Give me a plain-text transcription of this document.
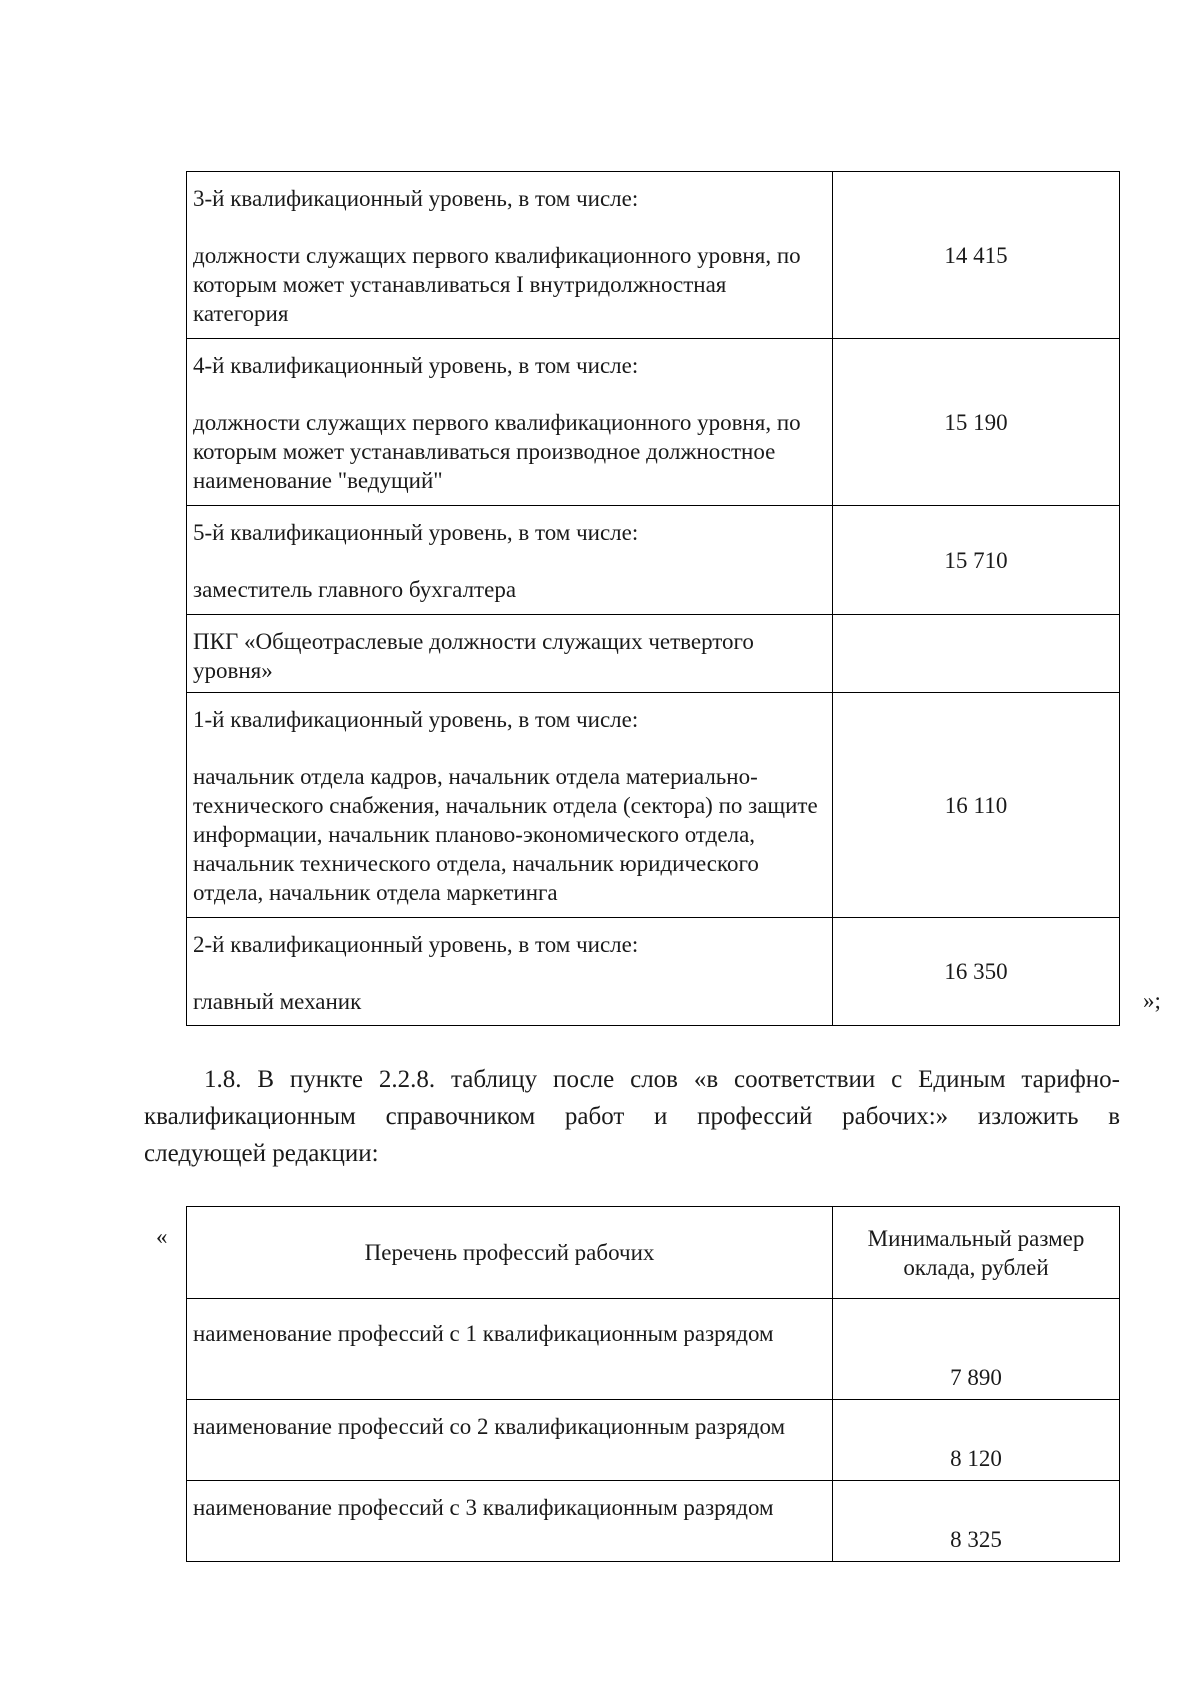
3-й квалификационный уровень, в том числе:
должности служащих первого квалификационного уровня, по которым может устанавливаться I внутридолжностная категория	14 415

4-й квалификационный уровень, в том числе:
должности служащих первого квалификационного уровня, по которым может устанавливаться производное должностное наименование "ведущий"	15 190

5-й квалификационный уровень, в том числе:
заместитель главного бухгалтера	15 710
ПКГ «Общеотраслевые должности служащих четвертого уровня»	

1-й квалификационный уровень, в том числе:
начальник отдела кадров, начальник отдела материально-технического снабжения, начальник отдела (сектора) по защите информации, начальник планово-экономического отдела, начальник технического отдела, начальник юридического отдела, начальник отдела маркетинга	16 110

2-й квалификационный уровень, в том числе:
главный механик	16 350
»;
1.8. В пункте 2.2.8. таблицу после слов «в соответствии с Единым тарифно-
квалификационным справочником работ и профессий рабочих:» изложить в
следующей редакции:
«
Перечень профессий рабочих	Минимальный размер оклада, рублей
наименование профессий с 1 квалификационным разрядом	7 890
наименование профессий со 2 квалификационным разрядом	8 120
наименование профессий с 3 квалификационным разрядом	8 325
